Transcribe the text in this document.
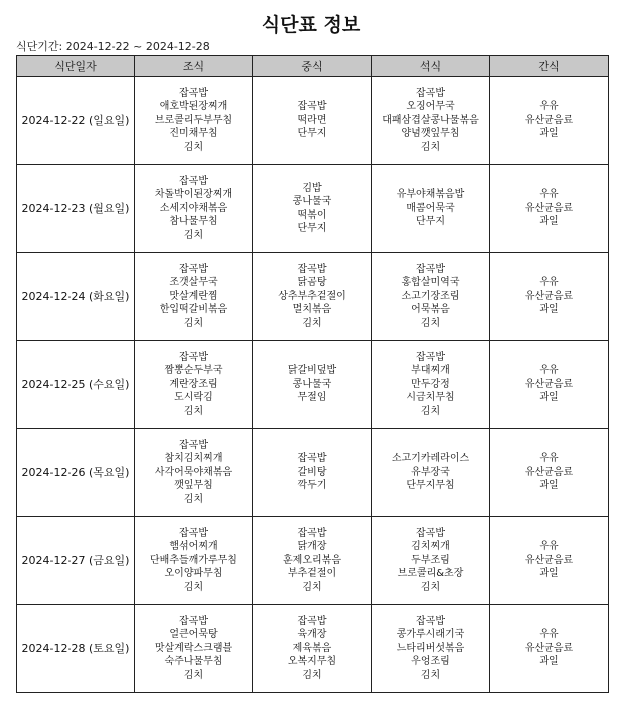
식단표 정보
식단기간: 2024-12-22 ~ 2024-12-28
식단일자	조식	중식	석식	간식
2024-12-22 (일요일)	잡곡밥
애호박된장찌개
브로콜리두부무침
진미채무침
김치	잡곡밥
떡라면
단무지	잡곡밥
오징어무국
대패삼겹살콩나물볶음
양념깻잎무침
김치	우유
유산균음료
과일

2024-12-23 (월요일)	잡곡밥
차돌박이된장찌개
소세지야채볶음
참나물무침
김치	김밥
콩나물국
떡볶이
단무지	유부야채볶음밥
매콤어묵국
단무지	우유
유산균음료
과일

2024-12-24 (화요일)	잡곡밥
조갯살무국
맛살계란찜
한입떡갈비볶음
김치	잡곡밥
닭곰탕
상추부추겉절이
멸치볶음
김치	잡곡밥
홍합살미역국
소고기장조림
어묵볶음
김치	우유
유산균음료
과일

2024-12-25 (수요일)	잡곡밥
짬뽕순두부국
계란장조림
도시락김
김치	닭갈비덮밥
콩나물국
무절임	잡곡밥
부대찌개
만두강정
시금치무침
김치	우유
유산균음료
과일

2024-12-26 (목요일)	잡곡밥
참치김치찌개
사각어묵야채볶음
깻잎무침
김치	잡곡밥
갈비탕
깍두기	소고기카레라이스
유부장국
단무지무침	우유
유산균음료
과일

2024-12-27 (금요일)	잡곡밥
햄섞어찌개
단배추들깨가루무침
오이양파무침
김치	잡곡밥
닭개장
훈제오리볶음
부추겉절이
김치	잡곡밥
김치찌개
두부조림
브로콜리&초장
김치	우유
유산균음료
과일

2024-12-28 (토요일)	잡곡밥
얼큰어묵탕
맛살계락스크램블
숙주나물무침
김치	잡곡밥
육개장
제육볶음
오복지무침
김치	잡곡밥
콩가루시래기국
느타리버섯볶음
우엉조림
김치	우유
유산균음료
과일
